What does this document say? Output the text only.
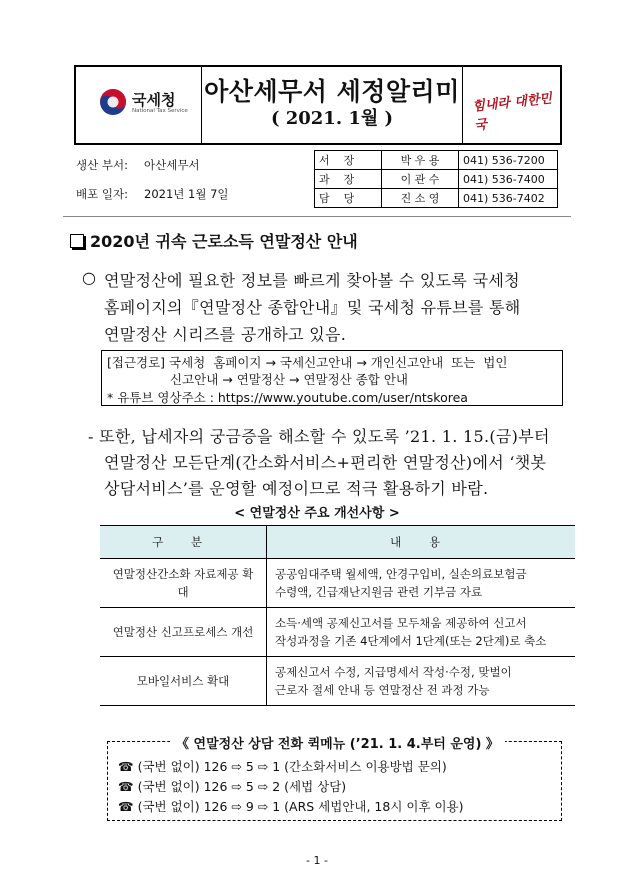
국세청
National Tax Service
아산세무서 세정알리미
( 2021. 1월 )
힘내라 대한민국
생산 부서: 아산세무서
배포 일자: 2021년 1월 7일
서    장	박 우 용	041) 536-7200
과    장	이 관 수	041) 536-7400
담    당	진 소 영	041) 536-7402
2020년 귀속 근로소득 연말정산 안내
○ 연말정산에 필요한 정보를 빠르게 찾아볼 수 있도록 국세청
홈페이지의『연말정산 종합안내』및 국세청 유튜브를 통해
연말정산 시리즈를 공개하고 있음.
[접근경로] 국세청  홈페이지 → 국세신고안내 → 개인신고안내  또는  법인
신고안내 → 연말정산 → 연말정산 종합 안내
* 유튜브 영상주소 : https://www.youtube.com/user/ntskorea
- 또한, 납세자의 궁금증을 해소할 수 있도록 ’21. 1. 15.(금)부터
연말정산 모든단계(간소화서비스+편리한 연말정산)에서 ‘챗봇
상담서비스’를 운영할 예정이므로 적극 활용하기 바람.
< 연말정산 주요 개선사항 >
구 분	내 용
연말정산간소화 자료제공 확대	공공임대주택 월세액, 안경구입비, 실손의료보험금
수령액, 긴급재난지원금 관련 기부금 자료

연말정산 신고프로세스 개선	소득·세액 공제신고서를 모두채움 제공하여 신고서
작성과정을 기존 4단계에서 1단계(또는 2단계)로 축소

모바일서비스 확대	공제신고서 수정, 지급명세서 작성·수정, 맞벌이
근로자 절세 안내 등 연말정산 전 과정 가능
《 연말정산 상담 전화 퀵메뉴 (’21. 1. 4.부터 운영) 》
☎ (국번 없이) 126 ⇨ 5 ⇨ 1 (간소화서비스 이용방법 문의)
☎ (국번 없이) 126 ⇨ 5 ⇨ 2 (세법 상담)
☎ (국번 없이) 126 ⇨ 9 ⇨ 1 (ARS 세법안내, 18시 이후 이용)
- 1 -
